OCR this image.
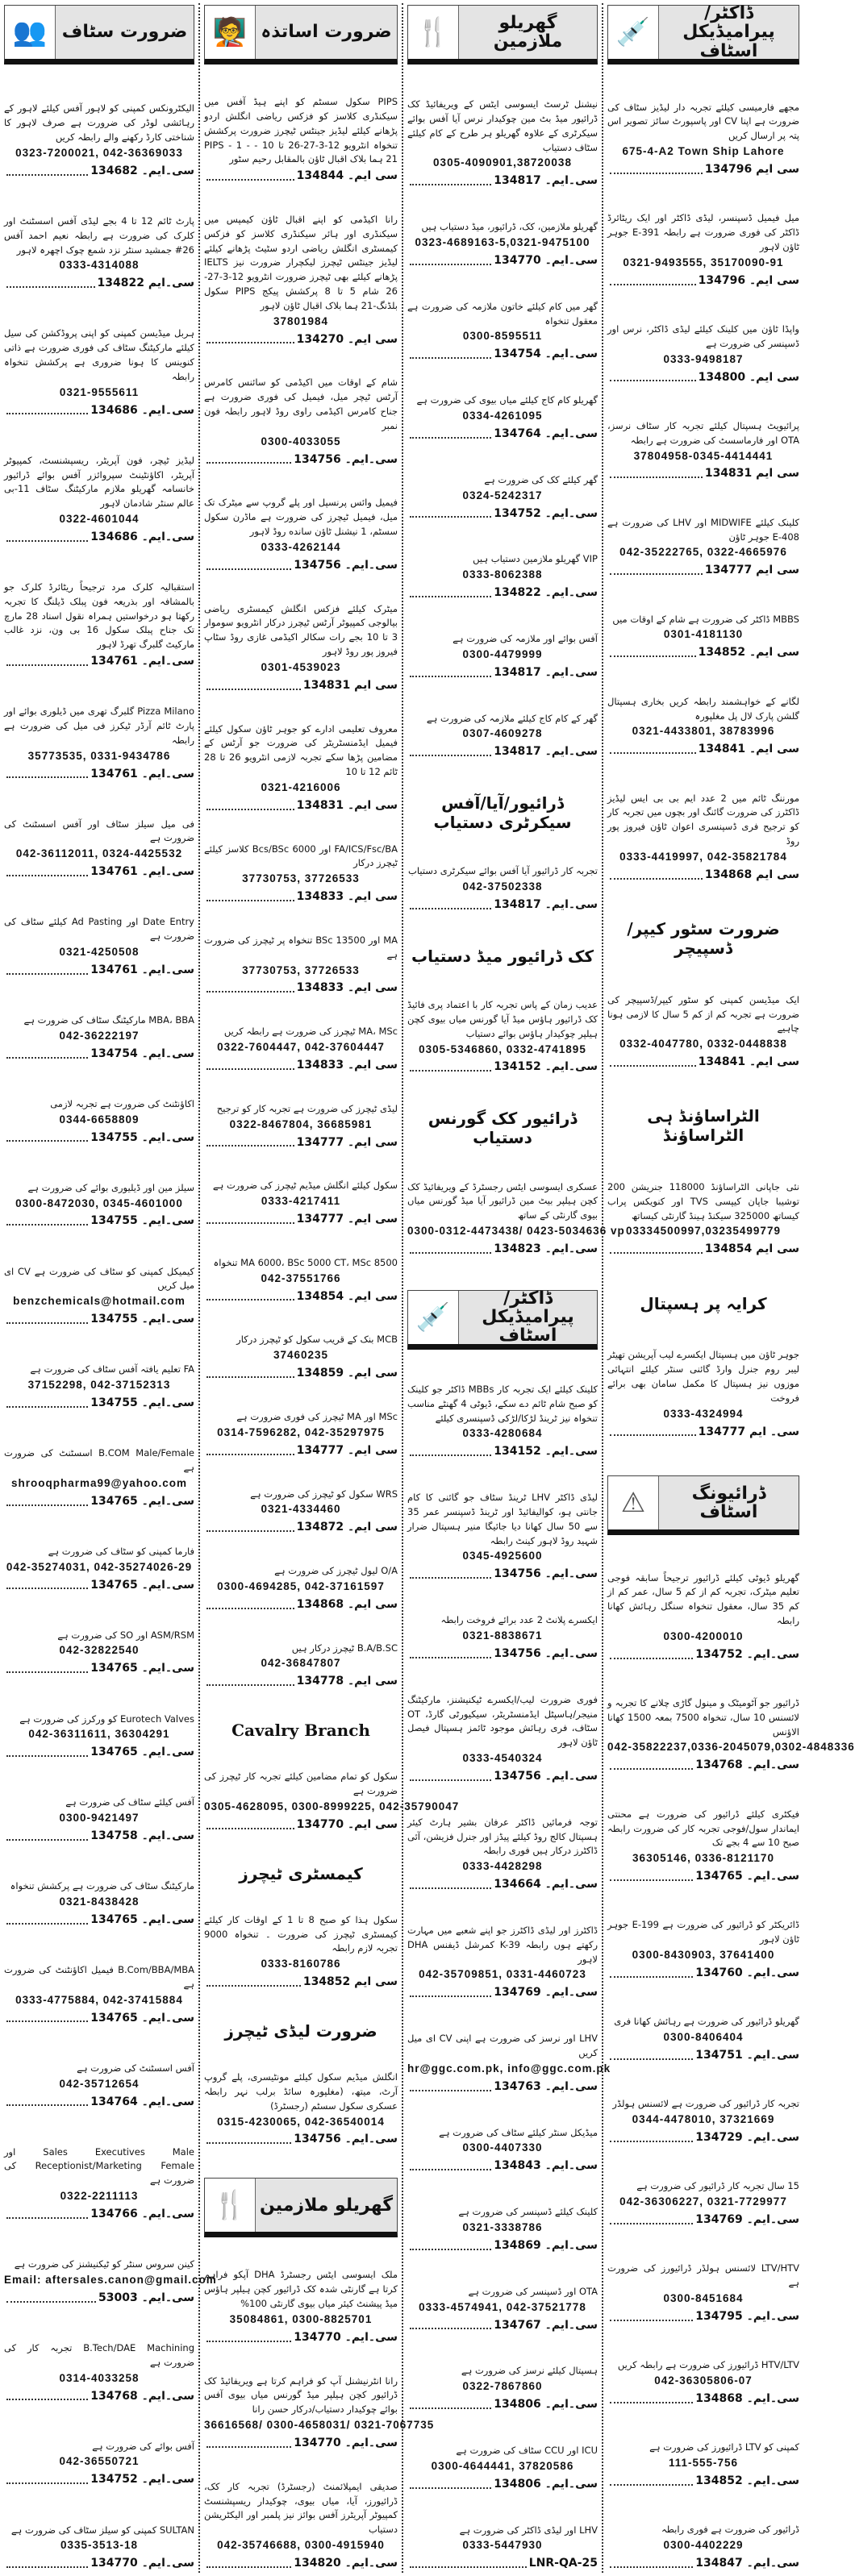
ڈاکٹر/پیرامیڈیکل اسٹاف
💉
مجھے فارمیسی کیلئے تجربہ دار لیڈیز سٹاف کی ضرورت ہے اپنا CV اور پاسپورٹ سائز تصویر اس پتہ پر ارسال کریں
675-4-A2 Town Ship Lahore
سی ایم 134796
میل فیمیل ڈسپنسر، لیڈی ڈاکٹر اور ایک ریٹائرڈ ڈاکٹر کی فوری ضرورت ہے رابطہ 391-E جوہر ٹاؤن لاہور
0321-9493555, 35170090-91
سی ایم۔ 134796
واپڈا ٹاؤن میں کلینک کیلئے لیڈی ڈاکٹر، نرس اور ڈسپنسر کی ضرورت ہے
0333-9498187
سی ایم۔ 134800
پرائیویٹ ہسپتال کیلئے تجربہ کار سٹاف نرسز، OTA اور فارماسسٹ کی ضرورت ہے رابطہ
37804958-0345-4414441
سی ایم 134831
کلینک کیلئے MIDWIFE اور LHV کی ضرورت ہے E-408 جوہر ٹاؤن
042-35222765, 0322-4665976
سی ایم 134777
MBBS ڈاکٹر کی ضرورت ہے شام کے اوقات میں
0301-4181130
سی ایم۔ 134852
لگانے کے خواہشمند رابطہ کریں بخاری ہسپتال گلشن پارک لال پل مغلپورہ
0321-4433801, 38783996
سی ایم۔ 134841
مورننگ ٹائم میں 2 عدد ایم بی بی ایس لیڈیز ڈاکٹرز کی ضرورت گائنگ اور بچوں میں تجربہ کار کو ترجیح فری ڈسپنسری اعوان ٹاؤن فیروز پور روڈ
0333-4419997, 042-35821784
سی ایم 134868
ضرورت سٹور کیپر/ڈسپیچر
ایک میڈیسن کمپنی کو سٹور کیپر/ڈسپیچر کی ضرورت ہے تجربہ کم از کم 5 سال کا لازمی ہونا چاہیے
0332-4047780, 0332-0448838
سی ایم۔ 134841
الٹراساؤنڈ ہی الٹراساؤنڈ
نئی جاپانی الٹراساؤنڈ 118000 جنریشن 200 توشیبا جاپان کیپسی TVS اور کنویکس پراب کیساتھ 325000 سیکنڈ ہینڈ گارنٹی کیساتھ
03334500997,03235499779
سی ایم 134854
کرایہ پر ہسپتال
جوہر ٹاؤن میں ہسپتال ایکسرے لیب آپریشن تھیٹر لیبر روم جنرل وارڈ گائنی سنٹر کیلئے انتہائی موزوں نیز ہسپتال کا مکمل سامان بھی برائے فروخت
0333-4324994
سی۔ ایم 134777
ڈرائیونگ اسٹاف
⚠
گھریلو ڈیوٹی کیلئے ڈرائیور ترجیحاً سابقہ فوجی تعلیم میٹرک، تجربہ کم از کم 5 سال، عمر کم از کم 35 سال، معقول تنخواہ سنگل رہائش کھانا رابطہ
0300-4200010
سی۔ایم۔ 134752
ڈرائیور جو آٹومیٹک و مینول گاڑی چلانے کا تجربہ و لائسنس 10 سال، تنخواہ 7500 بمعہ 1500 کھانا الاؤنس
042-35822237,0336-2045079,0302-4848336
سی۔ایم۔ 134768
فیکٹری کیلئے ڈرائیور کی ضرورت ہے محنتی ایماندار سول/فوجی تجربہ کار کی ضرورت رابطہ صبح 10 سے 4 بجے تک
36305146, 0336-8121170
سی۔ایم۔ 134765
ڈائریکٹر کو ڈرائیور کی ضرورت ہے 199-E جوہر ٹاؤن لاہور
0300-8430903, 37641400
سی۔ایم۔ 134760
گھریلو ڈرائیور کی ضرورت ہے رہائش کھانا فری
0300-8406404
سی۔ایم۔ 134751
تجربہ کار ڈرائیور کی ضرورت ہے لائسنس ہولڈر
0344-4478010, 37321669
سی۔ایم۔ 134729
15 سال تجربہ کار ڈرائیور کی ضرورت ہے
042-36306227, 0321-7729977
سی۔ایم۔ 134769
LTV/HTV لائسنس ہولڈر ڈرائیورز کی ضرورت ہے
0300-8451684
سی۔ایم۔ 134795
HTV/LTV ڈرائیورز کی ضرورت ہے رابطہ کریں
042-36305806-07
سی۔ایم۔ 134868
کمپنی کو LTV ڈرائیورز کی ضرورت ہے
111-555-756
سی۔ایم۔ 134852
ڈرائیور کی ضرورت ہے فوری رابطہ
0300-4402229
سی۔ایم۔ 134847
گھریلو ملازمین
🍴
نیشنل ٹرسٹ ایسوسی ایٹس کے ویریفائیڈ کک ڈرائیور میڈ بٹ مین چوکیدار نرس آیا آفس بوائے سیکرٹری کے علاوہ گھریلو ہر طرح کے کام کیلئے سٹاف دستیاب
0305-4090901,38720038
سی۔ایم۔ 134817
گھریلو ملازمین، کک، ڈرائیور، میڈ دستیاب ہیں
0323-4689163-5,0321-9475100
سی۔ایم۔ 134770
گھر میں کام کیلئے خاتون ملازمہ کی ضرورت ہے معقول تنخواہ
0300-8595511
سی۔ایم۔ 134754
گھریلو کام کاج کیلئے میاں بیوی کی ضرورت ہے
0334-4261095
سی۔ایم۔ 134764
گھر کیلئے کک کی ضرورت ہے
0324-5242317
سی۔ایم۔ 134752
VIP گھریلو ملازمین دستیاب ہیں
0333-8062388
سی۔ایم۔ 134822
آفس بوائے اور ملازمہ کی ضرورت ہے
0300-4479999
سی۔ایم۔ 134817
گھر کے کام کاج کیلئے ملازمہ کی ضرورت ہے
0307-4609278
سی۔ایم۔ 134817
ڈرائیور/آیا/آفس سیکرٹری دستیاب
تجربہ کار ڈرائیور آیا آفس بوائے سیکرٹری دستیاب
042-37502338
سی۔ایم۔ 134817
کک ڈرائیور میڈ دستیاب
عدیب زمان کے پاس تجربہ کار با اعتماد پری فائیڈ کک ڈرائیور ہاؤس میڈ آیا گورنس میاں بیوی کچن ہیلپر چوکیدار ہاؤس بوائے دستیاب
0305-5346860, 0332-4741895
سی۔ایم۔ 134152
ڈرائیور کک گورنس دستیاب
عسکری ایسوسی ایٹس رجسٹرڈ کے ویریفائیڈ کک کچن ہیلپر بیٹ مین ڈرائیور آیا میڈ گورنس میاں بیوی گارنٹی کے ساتھ
0300-0312-4473438/ 0423-5034636 vp
سی۔ایم۔ 134823
ڈاکٹر/پیرامیڈیکل اسٹاف
💉
کلینک کیلئے ایک تجربہ کار MBBs ڈاکٹر جو کلینک کو صبح شام ٹائم دے سکے، ڈیوٹی 4 گھنٹے مناسب تنخواہ نیز ٹرینڈ لڑکا/لڑکی ڈسپنسری کیلئے
0333-4280684
سی۔ایم۔ 134152
لیڈی ڈاکٹر LHV ٹرینڈ سٹاف جو گائنی کا کام جانتی ہو، کوالیفائیڈ اور ٹرینڈ ڈسپنسر عمر 35 سے 50 سال کھانا دیا جائیگا منیر ہسپتال ضرار شہید روڈ لاہور کینٹ رابطہ
0345-4925600
سی۔ایم۔ 134756
ایکسرے پلانٹ 2 عدد برائے فروخت رابطہ
0321-8838671
سی۔ایم۔ 134756
فوری ضرورت لیب/ایکسرے ٹیکنیشنز، مارکیٹنگ منیجر/ہاسپٹل ایڈمنسٹریٹر، سیکیورٹی گارڈ، OT سٹاف، فری رہائش موجود ٹائمز ہسپتال فیصل ٹاؤن لاہور
0333-4540324
سی۔ایم۔ 134756
توجہ فرمائیں ڈاکٹر عرفان بشیر ہارٹ کیئر ہسپتال کالج روڈ کیلئے پیڈز اور جنرل فزیشن، آئی ڈاکٹرز درکار ہیں فوری رابطہ
0333-4428298
سی۔ایم۔ 134664
ڈاکٹرز اور لیڈی ڈاکٹرز جو اپنے شعبے میں مہارت رکھتے ہوں رابطہ K-39 کمرشل ڈیفنس DHA لاہور
042-35709851, 0331-4460723
سی۔ایم۔ 134769
LHV اور نرسز کی ضرورت ہے اپنی CV ای میل کریں
hr@ggc.com.pk, info@ggc.com.pk
سی۔ایم۔ 134763
میڈیکل سنٹر کیلئے سٹاف کی ضرورت ہے
0300-4407330
سی۔ایم۔ 134843
کلینک کیلئے ڈسپنسر کی ضرورت ہے
0321-3338786
سی۔ایم۔ 134869
OTA اور ڈسپنسر کی ضرورت ہے
0333-4574941, 042-37521778
سی۔ایم۔ 134767
ہسپتال کیلئے نرسز کی ضرورت ہے
0322-7867860
سی۔ایم۔ 134806
ICU اور CCU سٹاف کی ضرورت ہے
0300-4644441, 37820586
سی۔ایم۔ 134806
LHV اور لیڈی ڈاکٹر کی ضرورت ہے
0333-5447930
LNR-QA-25
ضرورت اساتذہ
🧑‍🏫
PIPS سکول سسٹم کو اپنے ہیڈ آفس میں سیکنڈری کلاسز کو فزکس ریاضی انگلش اردو پڑھانے کیلئے لیڈیز جینٹس ٹیچرز ضرورت پرکشش تنخواہ انٹرویو 12-3-27-26 تا 10 - PIPS - 1 - 21 ہما بلاک اقبال ٹاؤن بالمقابل رحیم سٹور
سی ایم۔ 134844
رانا اکیڈمی کو اپنے اقبال ٹاؤن کیمپس میں سیکنڈری اور ہائر سیکنڈری کلاسز کو فزکس کیمسٹری انگلش ریاضی اردو سٹیٹ پڑھانے کیلئے لیڈیز جینٹس ٹیچرز لیکچرار ضرورت نیز IELTS پڑھانے کیلئے بھی ٹیچرز ضرورت انٹرویو 12-3-27-26 شام 5 تا 8 پرکشش پیکج PIPS سکول بلڈنگ-21 ہما بلاک اقبال ٹاؤن لاہور
37801984
سی ایم۔ 134270
شام کے اوقات میں اکیڈمی کو سائنس کامرس آرٹس ٹیچر میل، فیمیل کی فوری ضرورت ہے جناح کامرس اکیڈمی راوی روڈ لاہور رابطہ فون نمبر
0300-4033055
سی۔ایم۔ 134756
فیمیل وائس پرنسپل اور پلے گروپ سے میٹرک تک میل، فیمیل ٹیچرز کی ضرورت ہے ماڈرن سکول سسٹم، 1 نیشنل ٹاؤن سانده روڈ لاہور
0333-4262144
سی۔ایم۔ 134756
میٹرک کیلئے فزکس انگلش کیمسٹری ریاضی بیالوجی کمپیوٹر آرٹس ٹیچرز درکار انٹرویو سوموار 3 تا 10 بجے رات سکالر اکیڈمی غازی روڈ سٹاپ فیروز پور روڈ لاہور
0301-4539023
سی ایم 134831
معروف تعلیمی ادارے کو جوہر ٹاؤن سکول کیلئے فیمیل ایڈمنسٹریٹر کی ضرورت جو آرٹس کے مضامین پڑھا سکے تجربہ لازمی انٹرویو 26 تا 28 ٹائم 12 تا 10
0321-4216006
سی ایم۔ 134831
FA/ICS/Fsc/BA اور Bcs/BSc 6000 کلاسز کیلئے ٹیچرز درکار
37730753, 37726533
سی ایم۔ 134833
MA اور BSc 13500 تنخواہ پر ٹیچرز کی ضرورت ہے
37730753, 37726533
سی ایم۔ 134833
MA، MSc ٹیچرز کی ضرورت ہے رابطہ کریں
0322-7604447, 042-37604447
سی ایم۔ 134833
لیڈی ٹیچرز کی ضرورت ہے تجربہ کار کو ترجیح
0322-8467804, 36685981
سی ایم۔ 134777
سکول کیلئے انگلش میڈیم ٹیچرز کی ضرورت ہے
0333-4217411
سی ایم۔ 134777
MA 6000، BSc 5000 CT، MSc 8500 تنخواہ
042-37551766
سی ایم۔ 134854
MCB بنک کے قریب سکول کو ٹیچرز درکار
37460235
سی ایم۔ 134859
MSc اور MA ٹیچرز کی فوری ضرورت ہے
0314-7596282, 042-35297975
سی ایم۔ 134777
WRS سکول کو ٹیچرز کی ضرورت ہے
0321-4334460
سی ایم۔ 134872
O/A لیول ٹیچرز کی ضرورت ہے
0300-4694285, 042-37161597
سی ایم۔ 134868
B.A/B.SC ٹیچرز درکار ہیں
042-36847807
سی ایم۔ 134778
Cavalry Branch
سکول کو تمام مضامین کیلئے تجربہ کار ٹیچرز کی ضرورت ہے
0305-4628095, 0300-8999225, 042-35790047
سی ایم۔ 134770
کیمسٹری ٹیچرز
سکول ہذا کو صبح 8 تا 1 کے اوقات کار کیلئے کیمسٹری ٹیچرز کی ضرورت ۔ تنخواہ 9000 تجربہ لازم رابطہ
0333-8160786
سی ایم 134852
ضرورت لیڈی ٹیچرز
انگلش میڈیم سکول کیلئے مونٹیسری، پلے گروپ آرٹ، میتھ، (مغلپورہ سائڈ برلب نہر رابطہ عسکری سکول سسٹم (رجسٹرڈ)
0315-4230065, 042-36540014
سی۔ایم۔ 134756
گھریلو ملازمین
🍴
ملک ایسوسی ایٹس رجسٹرڈ DHA آپکو فراہم کرتا ہے گارنٹی شدہ کک ڈرائیور کچن ہیلپر ہاؤس میڈ پیشنٹ کیئر میاں بیوی گارنٹی 100%
35084861, 0300-8825701
سی۔ایم۔ 134770
رانا انٹرنیشنل آپ کو فراہم کرتا ہے ویریفائیڈ کک ڈرائیور کچن ہیلپر میڈ گورنس میاں بیوی آفس بوائے چوکیدار دستیاب/درکار حسن رانا
36616568/ 0300-4658031/ 0321-7067735
سی۔ایم۔ 134770
صدیقی ایمپلائمنٹ (رجسٹرڈ) تجربہ کار کک، ڈرائیورز، آیا، میاں بیوی، چوکیدار ریسپشنسٹ کمپیوٹر آپریٹرز آفس بوائز نیز پلمبر اور الیکٹریشن دستیاب
042-35746688, 0300-4915940
سی۔ایم۔ 134820
ضرورت سٹاف
👥
الیکٹرونکس کمپنی کو لاہور آفس کیلئے لاہور کے رہائشی لوڈر کی ضرورت ہے صرف لاہور کا شناختی کارڈ رکھنے والے رابطہ کریں
0323-7200021, 042-36369033
سی۔ایم۔ 134682
پارٹ ٹائم 12 تا 4 بجے لیڈی آفس اسسٹنٹ اور کلرک کی ضرورت ہے رابطہ نعیم احمد آفس 26# جمشید سنٹر نزد شمع چوک اچھرہ لاہور
0333-4314088
سی۔ایم 134822
ہربل میڈیسن کمپنی کو اپنی پروڈکشن کی سیل کیلئے مارکیٹنگ سٹاف کی فوری ضرورت ہے ذاتی کنوینس کا ہونا ضروری ہے پرکشش تنخواہ رابطہ
0321-9555611
سی۔ایم۔ 134686
لیڈیز ٹیچر، فون آپریٹر، ریسپشنسٹ، کمپیوٹر آپریٹر، اکاؤنٹینٹ سپروائزر آفس بوائے ڈرائیور خانسامہ گھریلو ملازم مارکیٹنگ سٹاف 11-بی عالم سنٹر شادمان لاہور
0322-4601044
سی۔ایم۔ 134686
استقبالیہ کلرک مرد ترجیحاً ریٹائرڈ کلرک جو بالمشافہ اور بذریعہ فون پبلک ڈیلنگ کا تجربہ رکھتا ہو درخواستیں ہمراہ نقول اسناد 28 مارچ تک جناح پبلک سکول 16 بی ون، نزد غالب مارکیٹ گلبرگ تھرڈ لاہور
سی۔ایم۔ 134761
Pizza Milano گلبرگ تھری میں ڈیلوری بوائے اور پارٹ ٹائم آرڈر ٹیکرز فی میل کی ضرورت ہے رابطہ
35773535, 0331-9434786
سی۔ایم۔ 134761
فی میل سیلز سٹاف اور آفس اسسٹنٹ کی ضرورت ہے
042-36112011, 0324-4425532
سی۔ایم۔ 134761
Date Entry اور Ad Pasting کیلئے سٹاف کی ضرورت ہے
0321-4250508
سی۔ایم۔ 134761
MBA، BBA مارکیٹنگ سٹاف کی ضرورت ہے
042-36222197
سی۔ایم۔ 134754
اکاؤنٹنٹ کی ضرورت ہے تجربہ لازمی
0344-6658809
سی۔ایم۔ 134755
سیلز مین اور ڈیلیوری بوائے کی ضرورت ہے
0300-8472030, 0345-4601000
سی۔ایم۔ 134755
کیمیکل کمپنی کو سٹاف کی ضرورت ہے CV ای میل کریں
benzchemicals@hotmail.com
سی۔ایم۔ 134755
FA تعلیم یافتہ آفس سٹاف کی ضرورت ہے
37152298, 042-37152313
سی۔ایم۔ 134755
B.COM Male/Female اسسٹنٹ کی ضرورت ہے
shrooqpharma99@yahoo.com
سی۔ایم۔ 134765
فارما کمپنی کو سٹاف کی ضرورت ہے
042-35274031, 042-35274026-29
سی۔ایم۔ 134765
ASM/RSM اور SO کی ضرورت ہے
042-32822540
سی۔ایم۔ 134765
Eurotech Valves کو ورکرز کی ضرورت ہے
042-36311611, 36304291
سی۔ایم۔ 134765
آفس کیلئے سٹاف کی ضرورت ہے
0300-9421497
سی۔ایم۔ 134758
مارکیٹنگ سٹاف کی ضرورت ہے پرکشش تنخواہ
0321-8438428
سی۔ایم۔ 134765
B.Com/BBA/MBA فیمیل اکاؤنٹنٹ کی ضرورت ہے
0333-4775884, 042-37415884
سی۔ایم۔ 134765
آفس اسسٹنٹ کی ضرورت ہے
042-35712654
سی۔ایم۔ 134764
Sales Executives Male اور Receptionist/Marketing Female کی ضرورت ہے
0322-2211113
سی۔ایم۔ 134766
کینن سروس سنٹر کو ٹیکنیشنز کی ضرورت ہے
Email: aftersales.canon@gmail.com
سی۔ایم۔ 53003
B.Tech/DAE Machining تجربہ کار کی ضرورت ہے
0314-4033258
سی۔ایم۔ 134768
آفس بوائے کی ضرورت ہے
042-36550721
سی۔ایم۔ 134752
SULTAN کمپنی کو سیلز سٹاف کی ضرورت ہے
0335-3513-18
سی۔ایم۔ 134770
